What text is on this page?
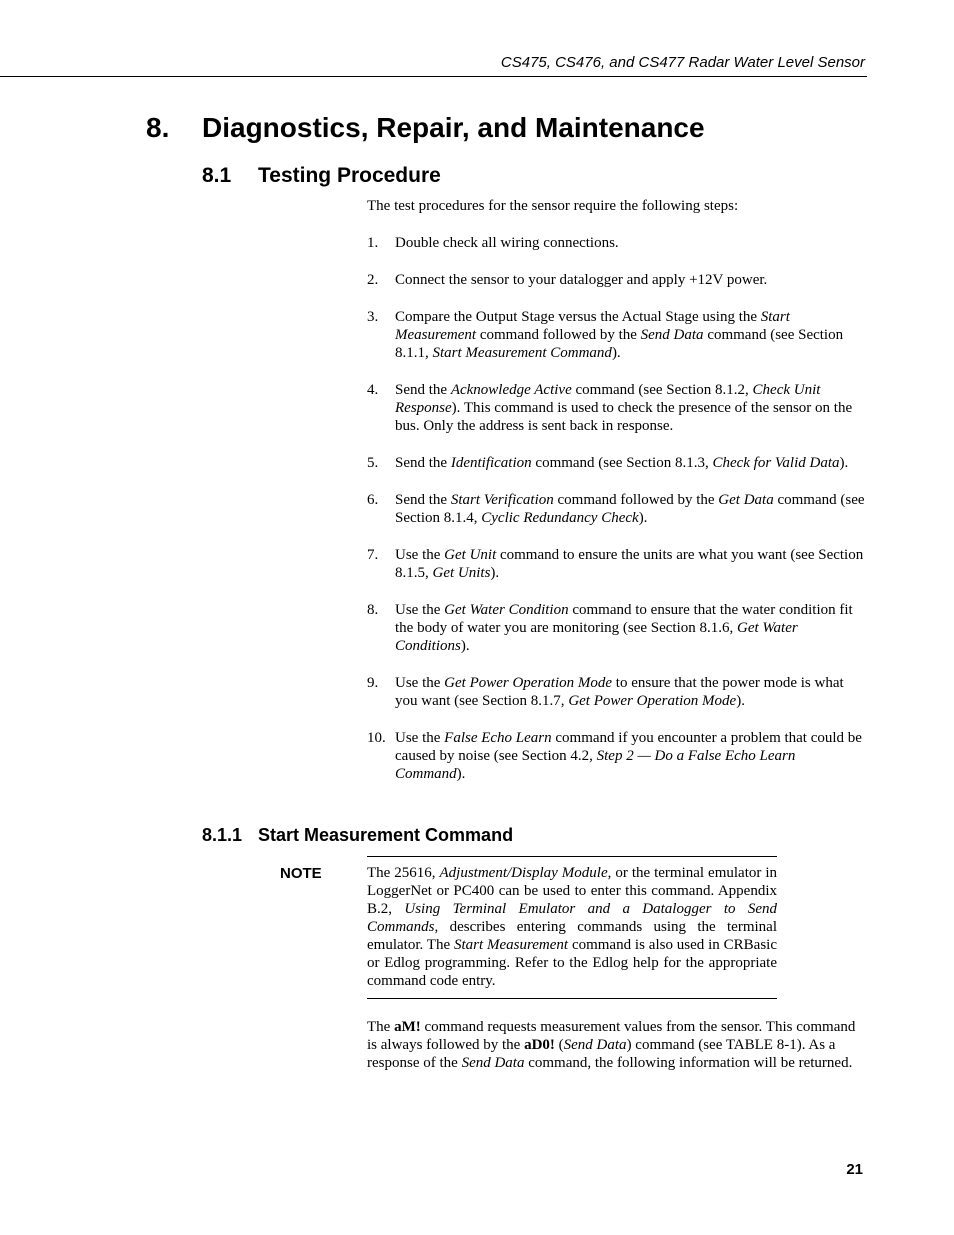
CS475, CS476, and CS477 Radar Water Level Sensor
8. Diagnostics, Repair, and Maintenance
8.1 Testing Procedure

The test procedures for the sensor require the following steps:

1.	Double check all wiring connections.
2.	Connect the sensor to your datalogger and apply +12V power.
3.	Compare the Output Stage versus the Actual Stage using the Start Measurement command followed by the Send Data command (see Section 8.1.1, Start Measurement Command).
4.	Send the Acknowledge Active command (see Section 8.1.2, Check Unit Response). This command is used to check the presence of the sensor on the bus. Only the address is sent back in response.
5.	Send the Identification command (see Section 8.1.3, Check for Valid Data).
6.	Send the Start Verification command followed by the Get Data command (see Section 8.1.4, Cyclic Redundancy Check).
7.	Use the Get Unit command to ensure the units are what you want (see Section 8.1.5, Get Units).
8.	Use the Get Water Condition command to ensure that the water condition fit the body of water you are monitoring (see Section 8.1.6, Get Water Conditions).
9.	Use the Get Power Operation Mode to ensure that the power mode is what you want (see Section 8.1.7, Get Power Operation Mode).
10. Use the False Echo Learn command if you encounter a problem that could be caused by noise (see Section 4.2, Step 2 — Do a False Echo Learn Command).
8.1.1 Start Measurement Command
NOTE	The 25616, Adjustment/Display Module, or the terminal emulator in LoggerNet or PC400 can be used to enter this command. Appendix B.2, Using Terminal Emulator and a Datalogger to Send Commands, describes entering commands using the terminal emulator. The Start Measurement command is also used in CRBasic or Edlog programming. Refer to the Edlog help for the appropriate command code entry.

The aM! command requests measurement values from the sensor. This command is always followed by the aD0! (Send Data) command (see TABLE 8-1). As a response of the Send Data command, the following information will be returned.

21
